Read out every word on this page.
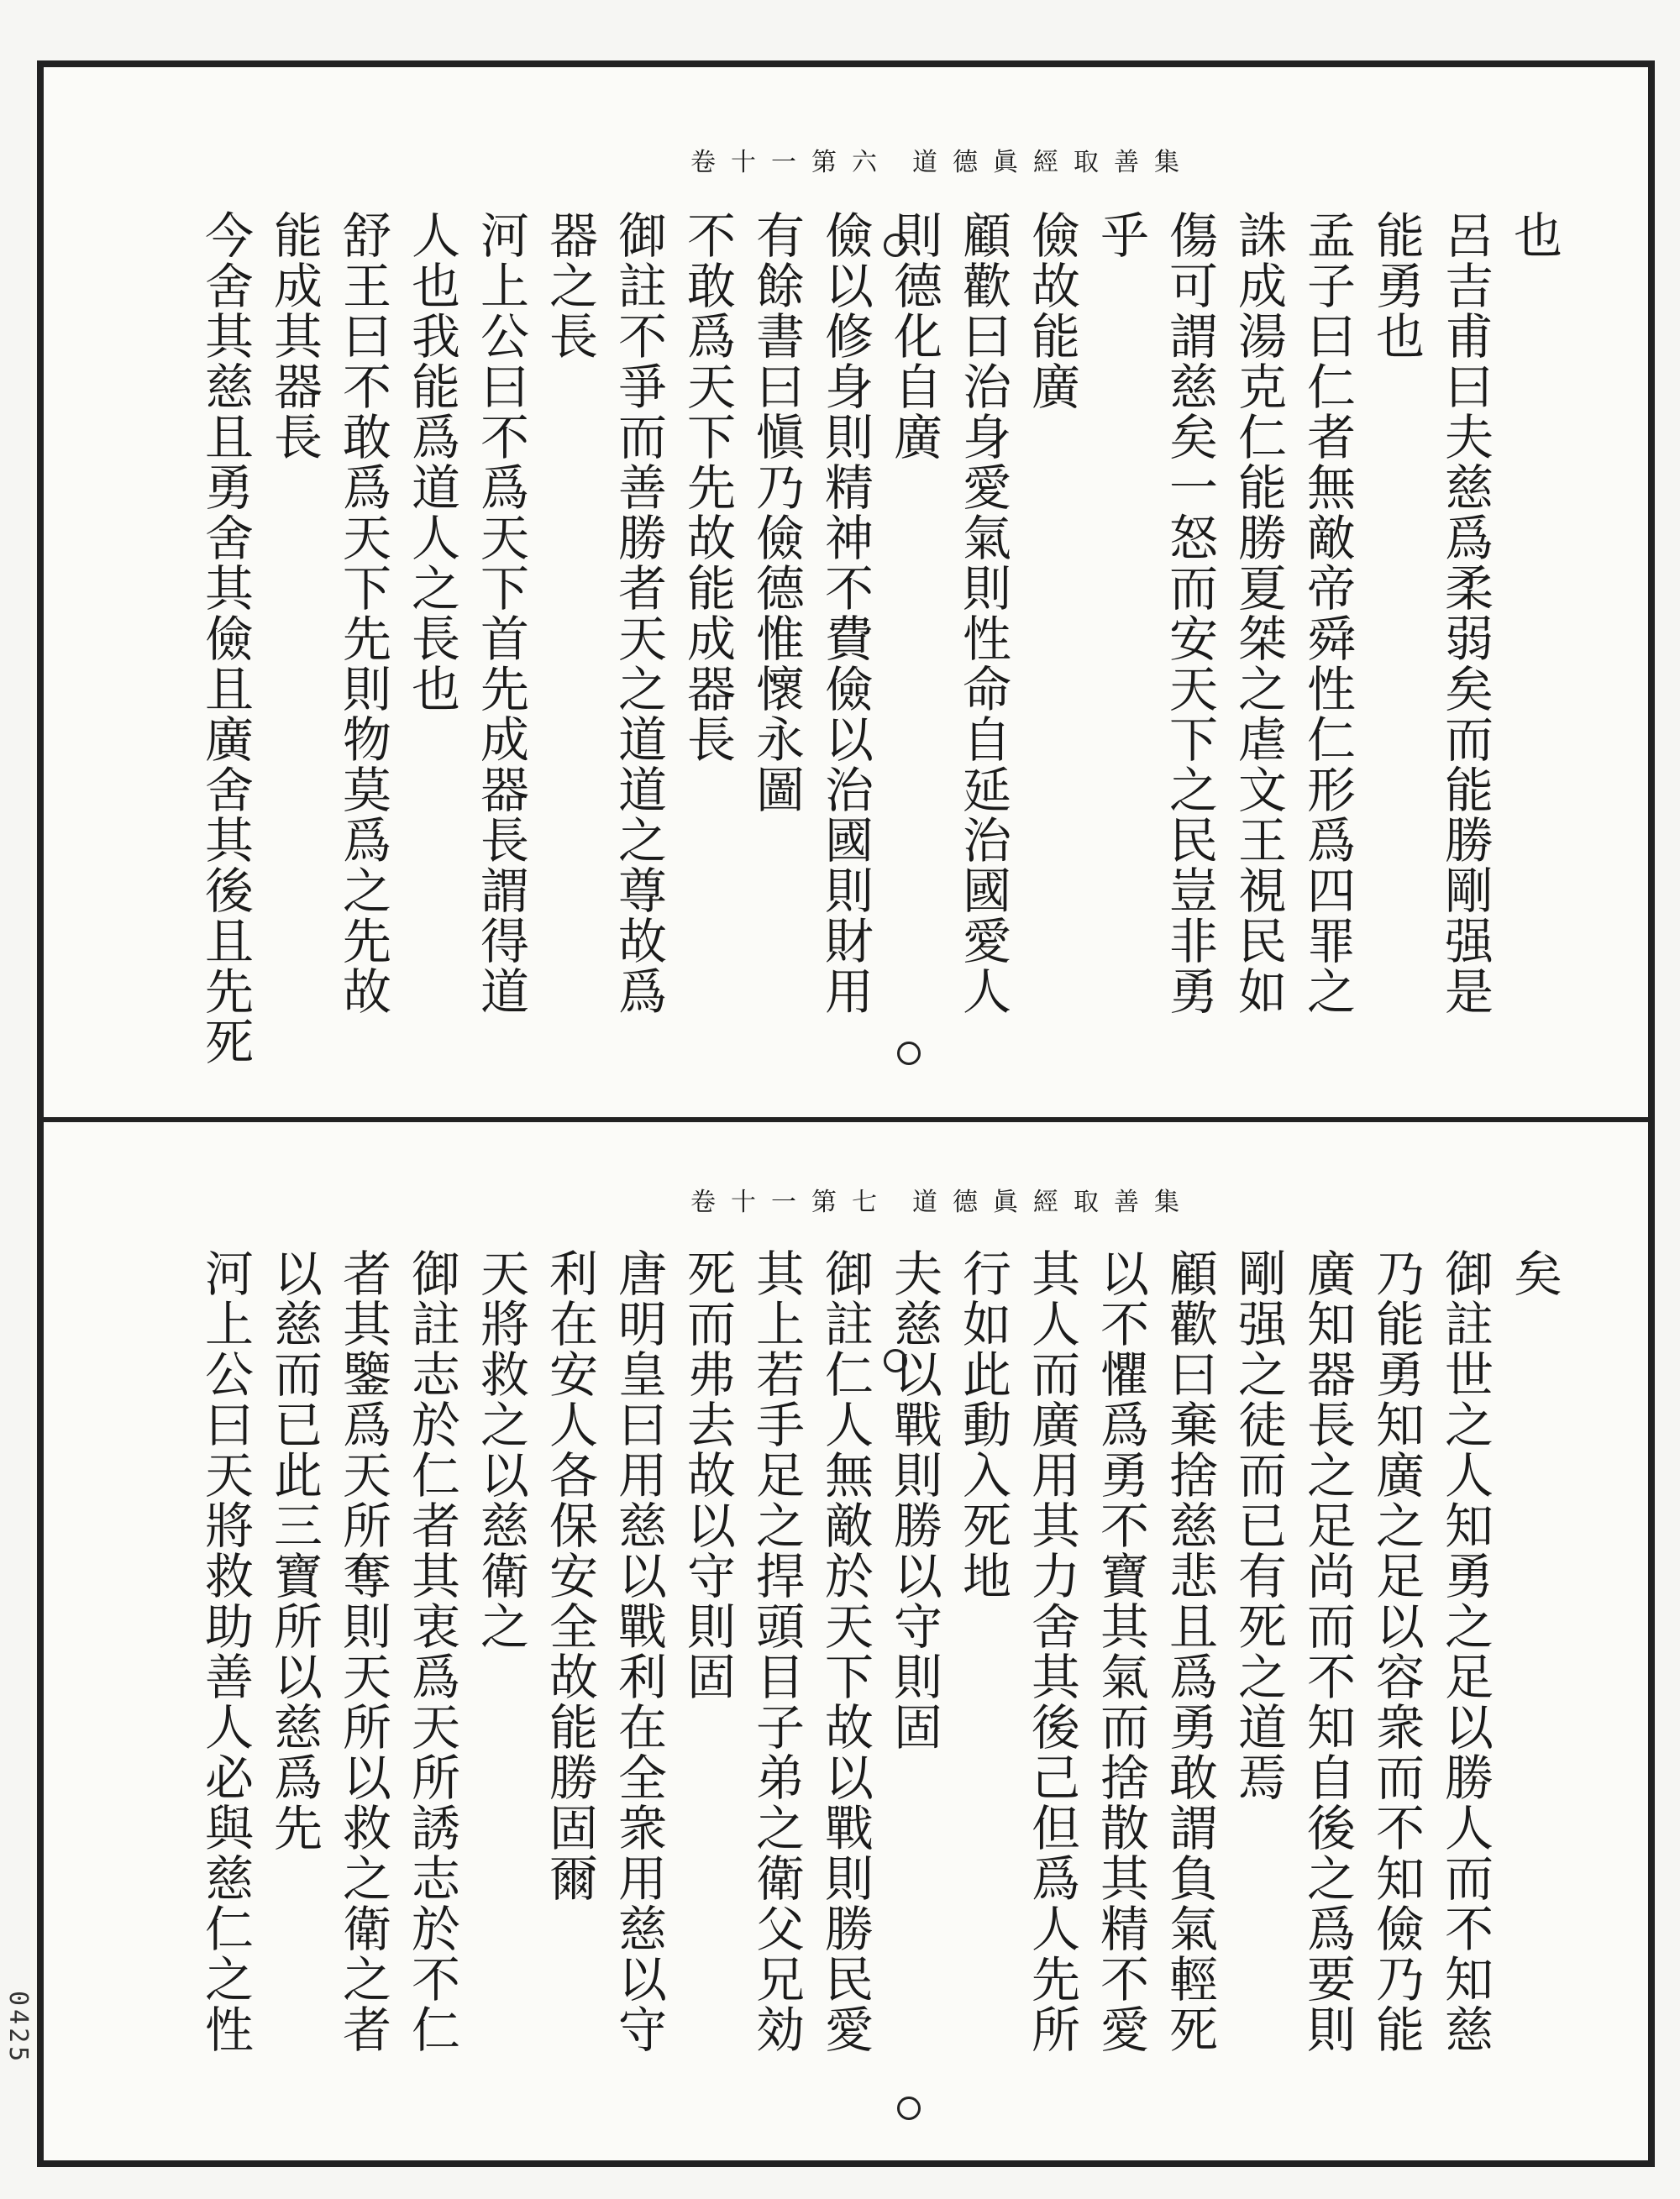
道德眞經取善集
卷十一第六
也
呂吉甫曰夫慈爲柔弱矣而能勝剛强是
能勇也
孟子曰仁者無敵帝舜性仁形爲四罪之
誅成湯克仁能勝夏桀之虐文王視民如
傷可謂慈矣一怒而安天下之民豈非勇
乎
儉故能廣
顧歡曰治身愛氣則性命自延治國愛人
則德化自廣
儉以修身則精神不費儉以治國則財用
有餘書曰愼乃儉德惟懷永圖
不敢爲天下先故能成器長
御註不爭而善勝者天之道道之尊故爲
器之長
河上公曰不爲天下首先成器長謂得道
人也我能爲道人之長也
舒王曰不敢爲天下先則物莫爲之先故
能成其器長
今舍其慈且勇舍其儉且廣舍其後且先死
道德眞經取善集
卷十一第七
矣
御註世之人知勇之足以勝人而不知慈
乃能勇知廣之足以容衆而不知儉乃能
廣知器長之足尚而不知自後之爲要則
剛强之徒而已有死之道焉
顧歡曰棄捨慈悲且爲勇敢謂負氣輕死
以不懼爲勇不寶其氣而捨散其精不愛
其人而廣用其力舍其後己但爲人先所
行如此動入死地
夫慈以戰則勝以守則固
御註仁人無敵於天下故以戰則勝民愛
其上若手足之捍頭目子弟之衛父兄効
死而弗去故以守則固
唐明皇曰用慈以戰利在全衆用慈以守
利在安人各保安全故能勝固爾
天將救之以慈衛之
御註志於仁者其衷爲天所誘志於不仁
者其鑒爲天所奪則天所以救之衛之者
以慈而已此三寶所以慈爲先
河上公曰天將救助善人必與慈仁之性
0425
